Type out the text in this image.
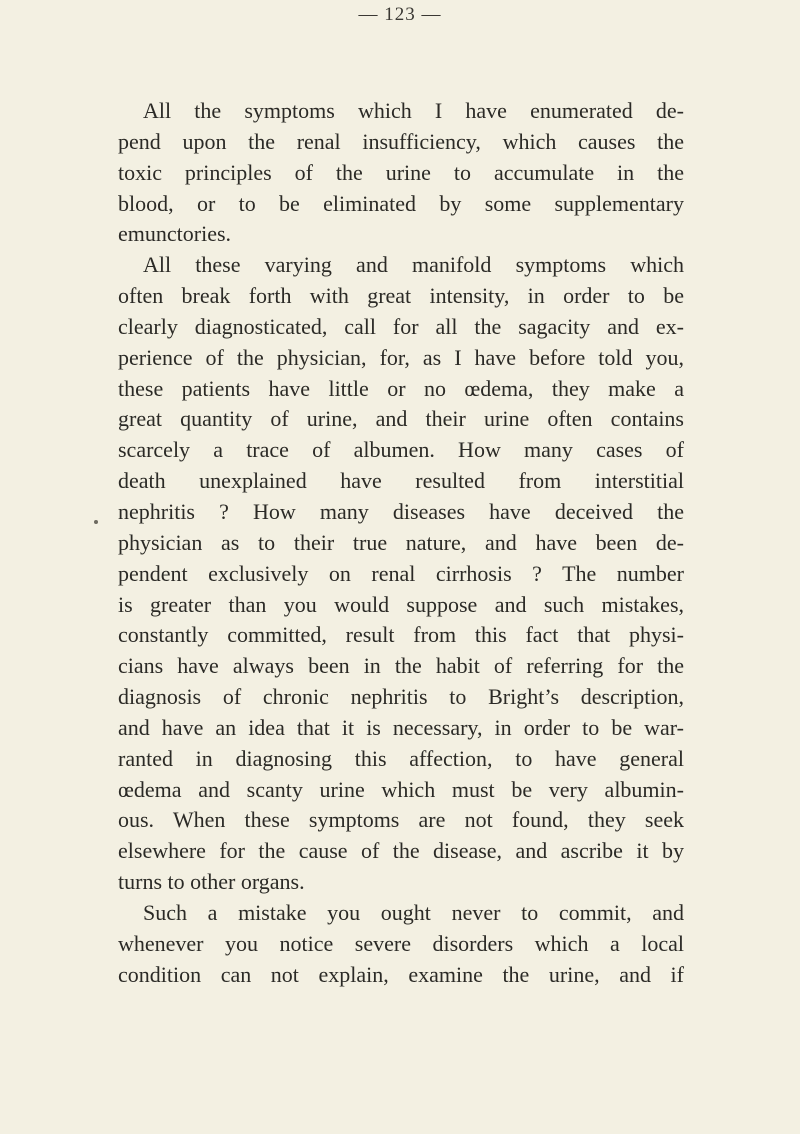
— 123 —
All the symptoms which I have enumerated de-
pend upon the renal insufficiency, which causes the
toxic principles of the urine to accumulate in the
blood, or to be eliminated by some supplementary
emunctories.
All these varying and manifold symptoms which
often break forth with great intensity, in order to be
clearly diagnosticated, call for all the sagacity and ex-
perience of the physician, for, as I have before told you,
these patients have little or no œdema, they make a
great quantity of urine, and their urine often contains
scarcely a trace of albumen. How many cases of
death unexplained have resulted from interstitial
nephritis ? How many diseases have deceived the
physician as to their true nature, and have been de-
pendent exclusively on renal cirrhosis ? The number
is greater than you would suppose and such mistakes,
constantly committed, result from this fact that physi-
cians have always been in the habit of referring for the
diagnosis of chronic nephritis to Bright’s description,
and have an idea that it is necessary, in order to be war-
ranted in diagnosing this affection, to have general
œdema and scanty urine which must be very albumin-
ous. When these symptoms are not found, they seek
elsewhere for the cause of the disease, and ascribe it by
turns to other organs.
Such a mistake you ought never to commit, and
whenever you notice severe disorders which a local
condition can not explain, examine the urine, and if
